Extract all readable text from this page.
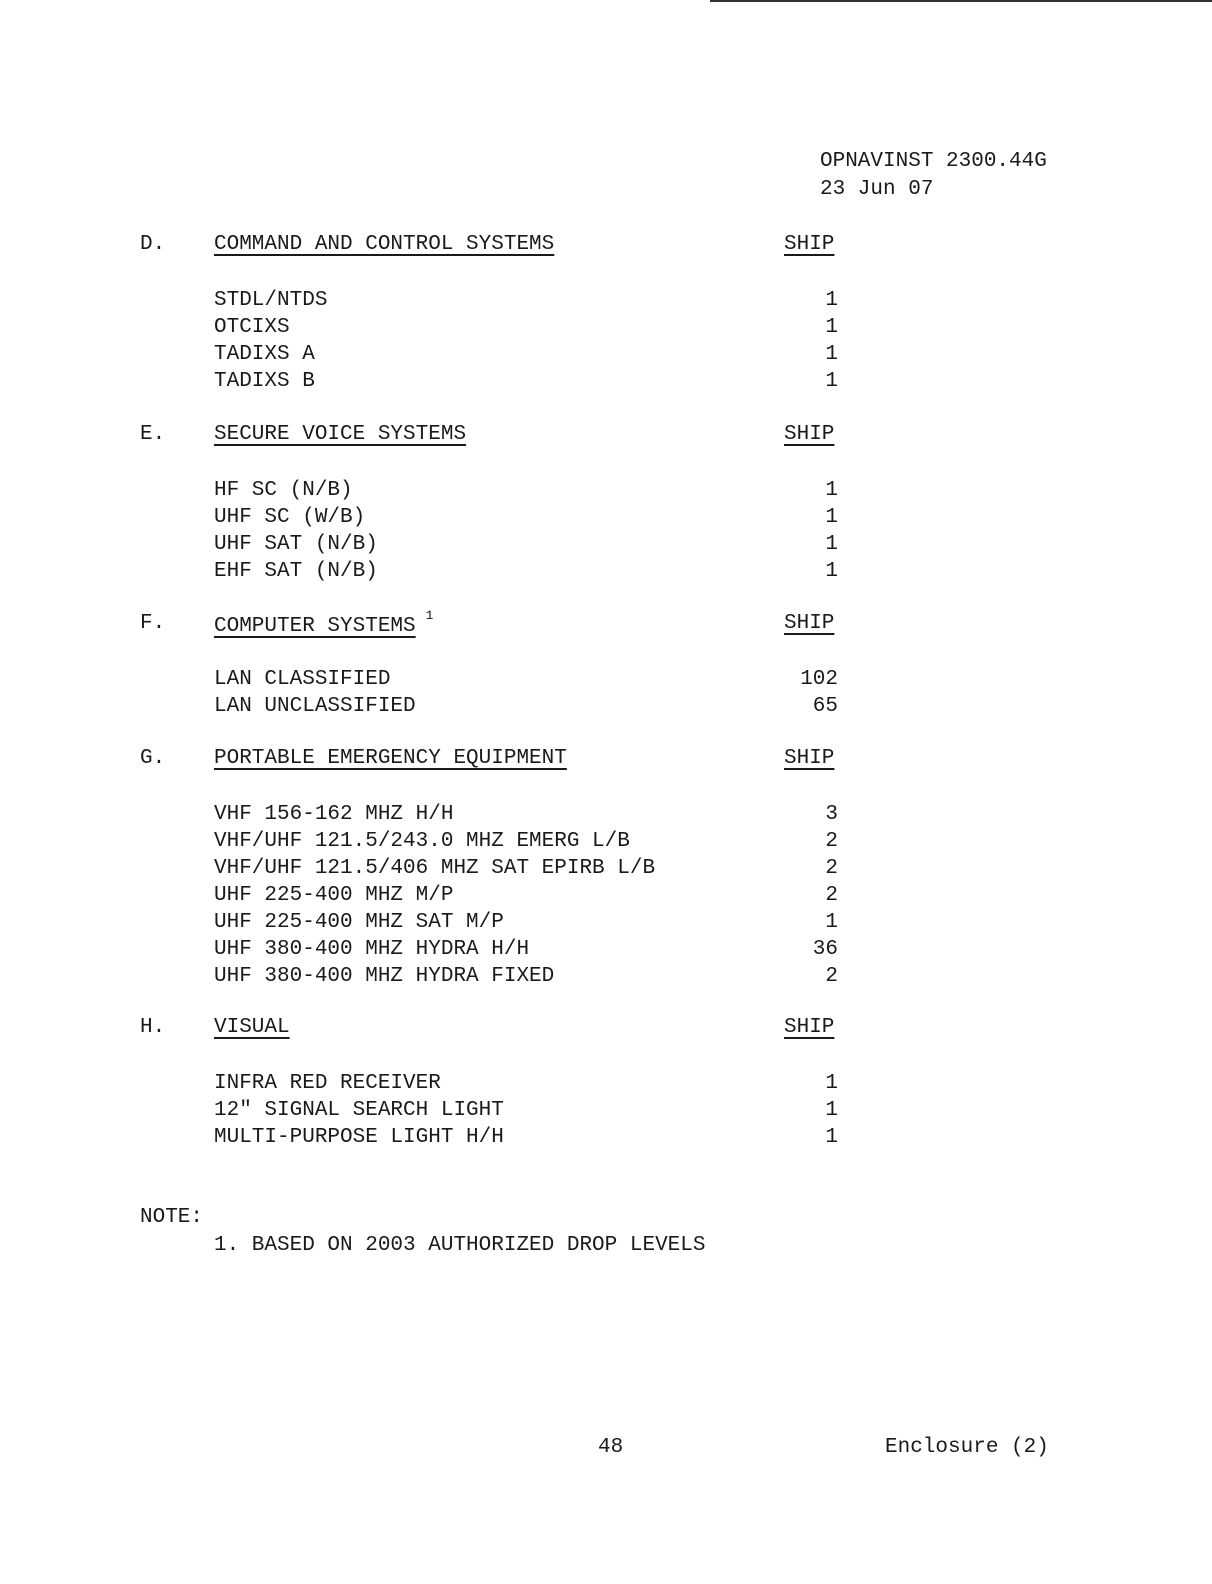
OPNAVINST 2300.44G
23 Jun 07
D. COMMAND AND CONTROL SYSTEMS	SHIP
STDL/NTDS	1
OTCIXS	1
TADIXS A	1
TADIXS B	1
E. SECURE VOICE SYSTEMS	SHIP
HF SC (N/B)	1
UHF SC (W/B)	1
UHF SAT (N/B)	1
EHF SAT (N/B)	1
F. COMPUTER SYSTEMS $^1$	SHIP
LAN CLASSIFIED	102
LAN UNCLASSIFIED	65
G. PORTABLE EMERGENCY EQUIPMENT	SHIP
VHF 156-162 MHZ H/H	3
VHF/UHF 121.5/243.0 MHZ EMERG L/B	2
VHF/UHF 121.5/406 MHZ SAT EPIRB L/B	2
UHF 225-400 MHZ M/P	2
UHF 225-400 MHZ SAT M/P	1
UHF 380-400 MHZ HYDRA H/H	36
UHF 380-400 MHZ HYDRA FIXED	2
H. VISUAL	SHIP
INFRA RED RECEIVER	1
12″ SIGNAL SEARCH LIGHT	1
MULTI-PURPOSE LIGHT H/H	1
NOTE:
1. BASED ON 2003 AUTHORIZED DROP LEVELS
48	Enclosure (2)
